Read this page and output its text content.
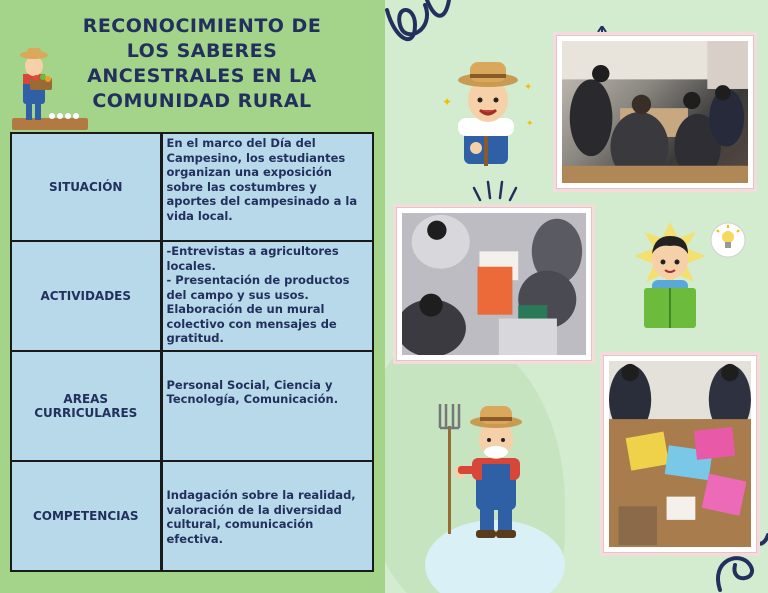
RECONOCIMIENTO DE LOS SABERES ANCESTRALES EN LA COMUNIDAD RURAL
SITUACIÓN	En el marco del Día del Campesino, los estudiantes organizan una exposición sobre las costumbres y aportes del campesinado a la vida local.

ACTIVIDADES	-Entrevistas a agricultores locales.
- Presentación de productos del campo y sus usos.
Elaboración de un mural colectivo con mensajes de gratitud.

AREAS
CURRICULARES	Personal Social, Ciencia y Tecnología, Comunicación.

COMPETENCIAS	Indagación sobre la realidad, valoración de la diversidad cultural, comunicación efectiva.
✦
✦
✦
